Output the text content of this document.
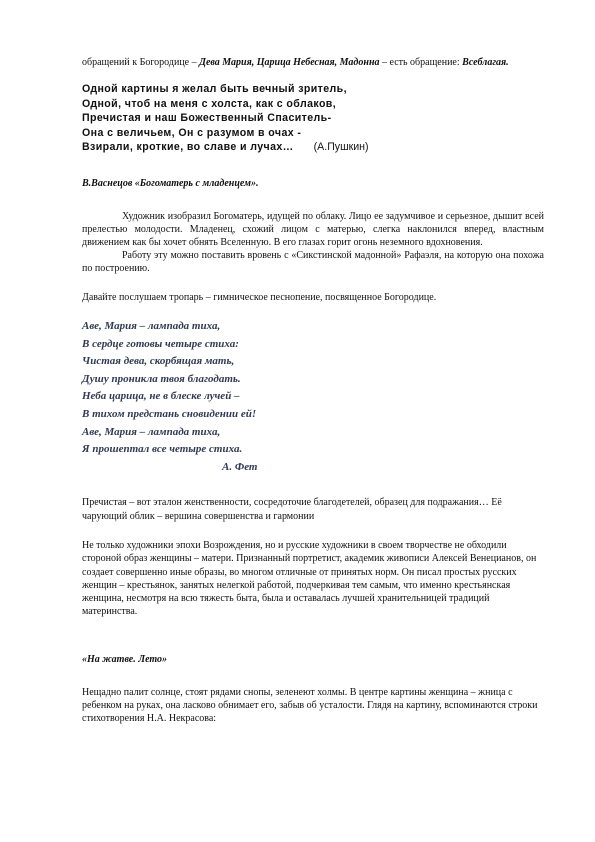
обращений к Богородице – Дева Мария, Царица Небесная, Мадонна – есть обращение: Всеблагая.

Одной картины я желал быть вечный зритель,
Одной, чтоб на меня с холста, как с облаков,
Пречистая и наш Божественный Спаситель-
Она с величьем, Он с разумом в очах -
Взирали, кроткие, во славе и лучах… (А.Пушкин)

В.Васнецов «Богоматерь с младенцем».

Художник изобразил Богоматерь, идущей по облаку. Лицо ее задумчивое и серьезное, дышит всей прелестью молодости. Младенец, схожий лицом с матерью, слегка наклонился вперед, властным движением как бы хочет обнять Вселенную. В его глазах горит огонь неземного вдохновения.

Работу эту можно поставить вровень с «Сикстинской мадонной» Рафаэля, на которую она похожа по построению.

Давайте послушаем тропарь – гимническое песнопение, посвященное Богородице.

Аве, Мария – лампада тиха,
В сердце готовы четыре стиха:
Чистая дева, скорбящая мать,
Душу проникла твоя благодать.
Неба царица, не в блеске лучей –
В тихом предстань сновидении ей!
Аве, Мария – лампада тиха,
Я прошептал все четыре стиха.
А. Фет

Пречистая – вот эталон женственности, сосредоточие благодетелей, образец для подражания… Её чарующий облик – вершина совершенства и гармонии

Не только художники эпохи Возрождения, но и русские художники в своем творчестве не обходили стороной образ женщины – матери. Признанный портретист, академик живописи Алексей Венецианов, он создает совершенно иные образы, во многом отличные от принятых норм. Он писал простых русских женщин – крестьянок, занятых нелегкой работой, подчеркивая тем самым, что именно крестьянская женщина, несмотря на всю тяжесть быта, была и оставалась лучшей хранительницей традиций материнства.

«На жатве. Лето»

Нещадно палит солнце, стоят рядами снопы, зеленеют холмы. В центре картины женщина – жница с ребенком на руках, она ласково обнимает его, забыв об усталости. Глядя на картину, вспоминаются строки стихотворения Н.А. Некрасова:
